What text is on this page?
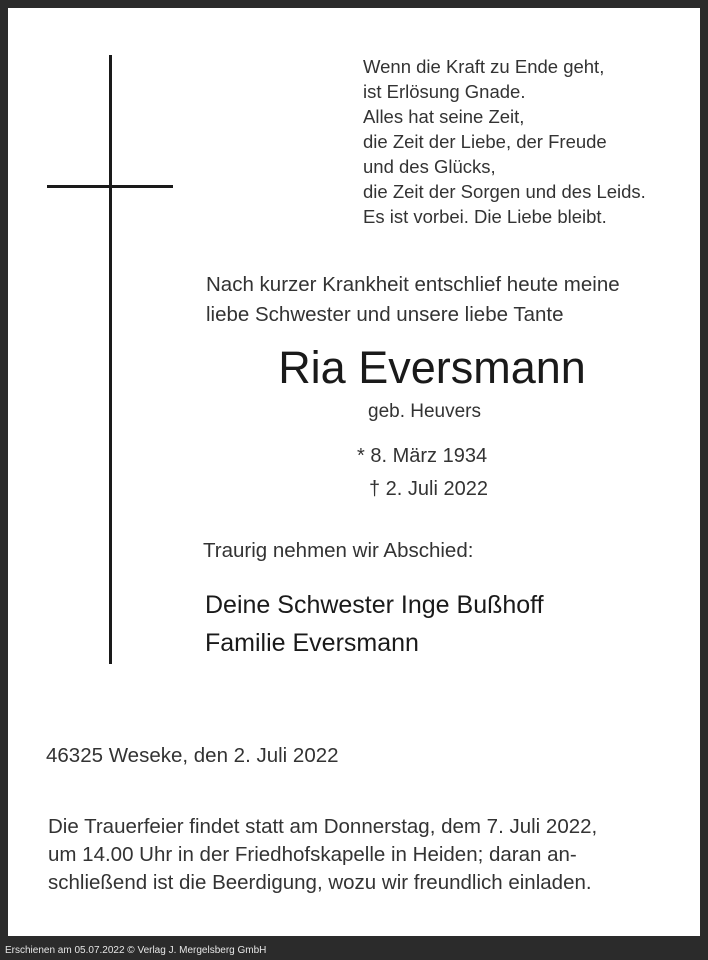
Wenn die Kraft zu Ende geht,
ist Erlösung Gnade.
Alles hat seine Zeit,
die Zeit der Liebe, der Freude
und des Glücks,
die Zeit der Sorgen und des Leids.
Es ist vorbei. Die Liebe bleibt.
Nach kurzer Krankheit entschlief heute meine
liebe Schwester und unsere liebe Tante
Ria Eversmann
geb. Heuvers
* 8. März 1934
† 2. Juli 2022
Traurig nehmen wir Abschied:
Deine Schwester Inge Bußhoff
Familie Eversmann
46325 Weseke, den 2. Juli 2022
Die Trauerfeier findet statt am Donnerstag, dem 7. Juli 2022,
um 14.00 Uhr in der Friedhofskapelle in Heiden; daran an-
schließend ist die Beerdigung, wozu wir freundlich einladen.
Erschienen am 05.07.2022 © Verlag J. Mergelsberg GmbH
